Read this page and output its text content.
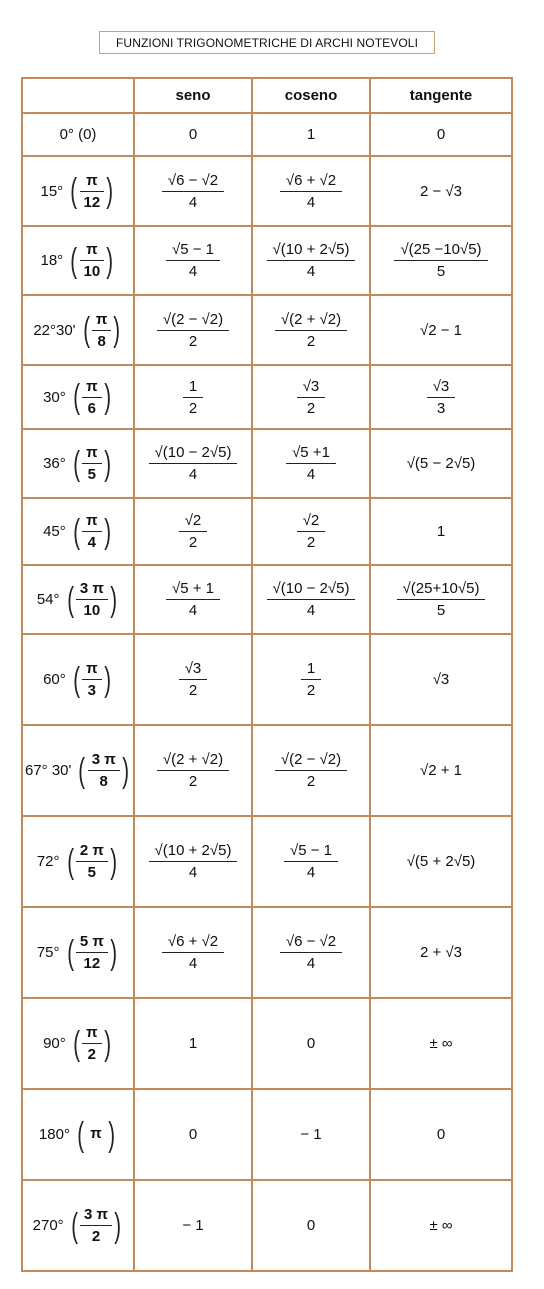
FUNZIONI TRIGONOMETRICHE DI ARCHI NOTEVOLI
	seno	coseno	tangente

0° (0)	0	1	0

15° ( $\frac{\pi}{12}$ )	$\frac{√6 - √2}{4}$	$\frac{√6 + √2}{4}$	2 − √3

18° ( $\frac{\pi}{10}$ )	$\frac{√5 - 1}{4}$	$\frac{√(10 + 2√5)}{4}$	$\frac{√(25 -10√5)}{5}$

22°30' ( $\frac{\pi}{8}$ )	$\frac{√(2 - √2)}{2}$	$\frac{√(2 + √2)}{2}$	√2 − 1

30° ( $\frac{\pi}{6}$ )	$\frac{1}{2}$	$\frac{√3}{2}$	$\frac{√3}{3}$

36° ( $\frac{\pi}{5}$ )	$\frac{√(10 - 2√5)}{4}$	$\frac{√5 +1}{4}$	√(5 − 2√5)

45° ( $\frac{\pi}{4}$ )	$\frac{√2}{2}$	$\frac{√2}{2}$	1

54° ( $\frac{3 \pi}{10}$ )	$\frac{√5 + 1}{4}$	$\frac{√(10 - 2√5)}{4}$	$\frac{√(25+10√5)}{5}$

60° ( $\frac{\pi}{3}$ )	$\frac{√3}{2}$	$\frac{1}{2}$	√3

67° 30' ( $\frac{3 \pi}{8}$ )	$\frac{√(2 + √2)}{2}$	$\frac{√(2 - √2)}{2}$	√2 + 1

72° ( $\frac{2 \pi}{5}$ )	$\frac{√(10 + 2√5)}{4}$	$\frac{√5 - 1}{4}$	√(5 + 2√5)

75° ( $\frac{5 \pi}{12}$ )	$\frac{√6 + √2}{4}$	$\frac{√6 - √2}{4}$	2 + √3

90° ( $\frac{\pi}{2}$ )	1	0	± ∞

180° ( π )	0	− 1	0

270° ( $\frac{3 \pi}{2}$ )	− 1	0	± ∞
